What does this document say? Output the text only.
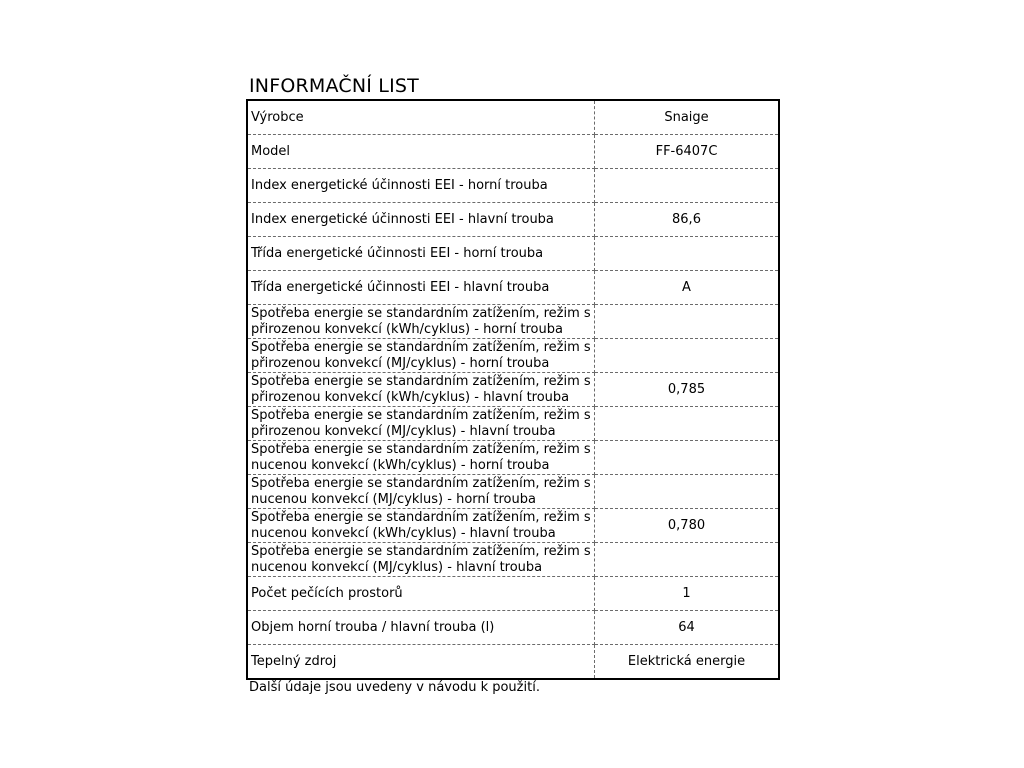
INFORMAČNÍ LIST
Výrobce	Snaige
Model	FF-6407C
Index energetické účinnosti EEI - horní trouba	
Index energetické účinnosti EEI - hlavní trouba	86,6
Třída energetické účinnosti EEI - horní trouba	
Třída energetické účinnosti EEI - hlavní trouba	A
Spotřeba energie se standardním zatížením, režim s přirozenou konvekcí (kWh/cyklus) - horní trouba	
Spotřeba energie se standardním zatížením, režim s přirozenou konvekcí (MJ/cyklus) - horní trouba	
Spotřeba energie se standardním zatížením, režim s přirozenou konvekcí (kWh/cyklus) - hlavní trouba	0,785
Spotřeba energie se standardním zatížením, režim s přirozenou konvekcí (MJ/cyklus) - hlavní trouba	
Spotřeba energie se standardním zatížením, režim s nucenou konvekcí (kWh/cyklus) - horní trouba	
Spotřeba energie se standardním zatížením, režim s nucenou konvekcí (MJ/cyklus) - horní trouba	
Spotřeba energie se standardním zatížením, režim s nucenou konvekcí (kWh/cyklus) - hlavní trouba	0,780
Spotřeba energie se standardním zatížením, režim s nucenou konvekcí (MJ/cyklus) - hlavní trouba	
Počet pečících prostorů	1
Objem horní trouba / hlavní trouba (l)	64
Tepelný zdroj	Elektrická energie

Další údaje jsou uvedeny v návodu k použití.
